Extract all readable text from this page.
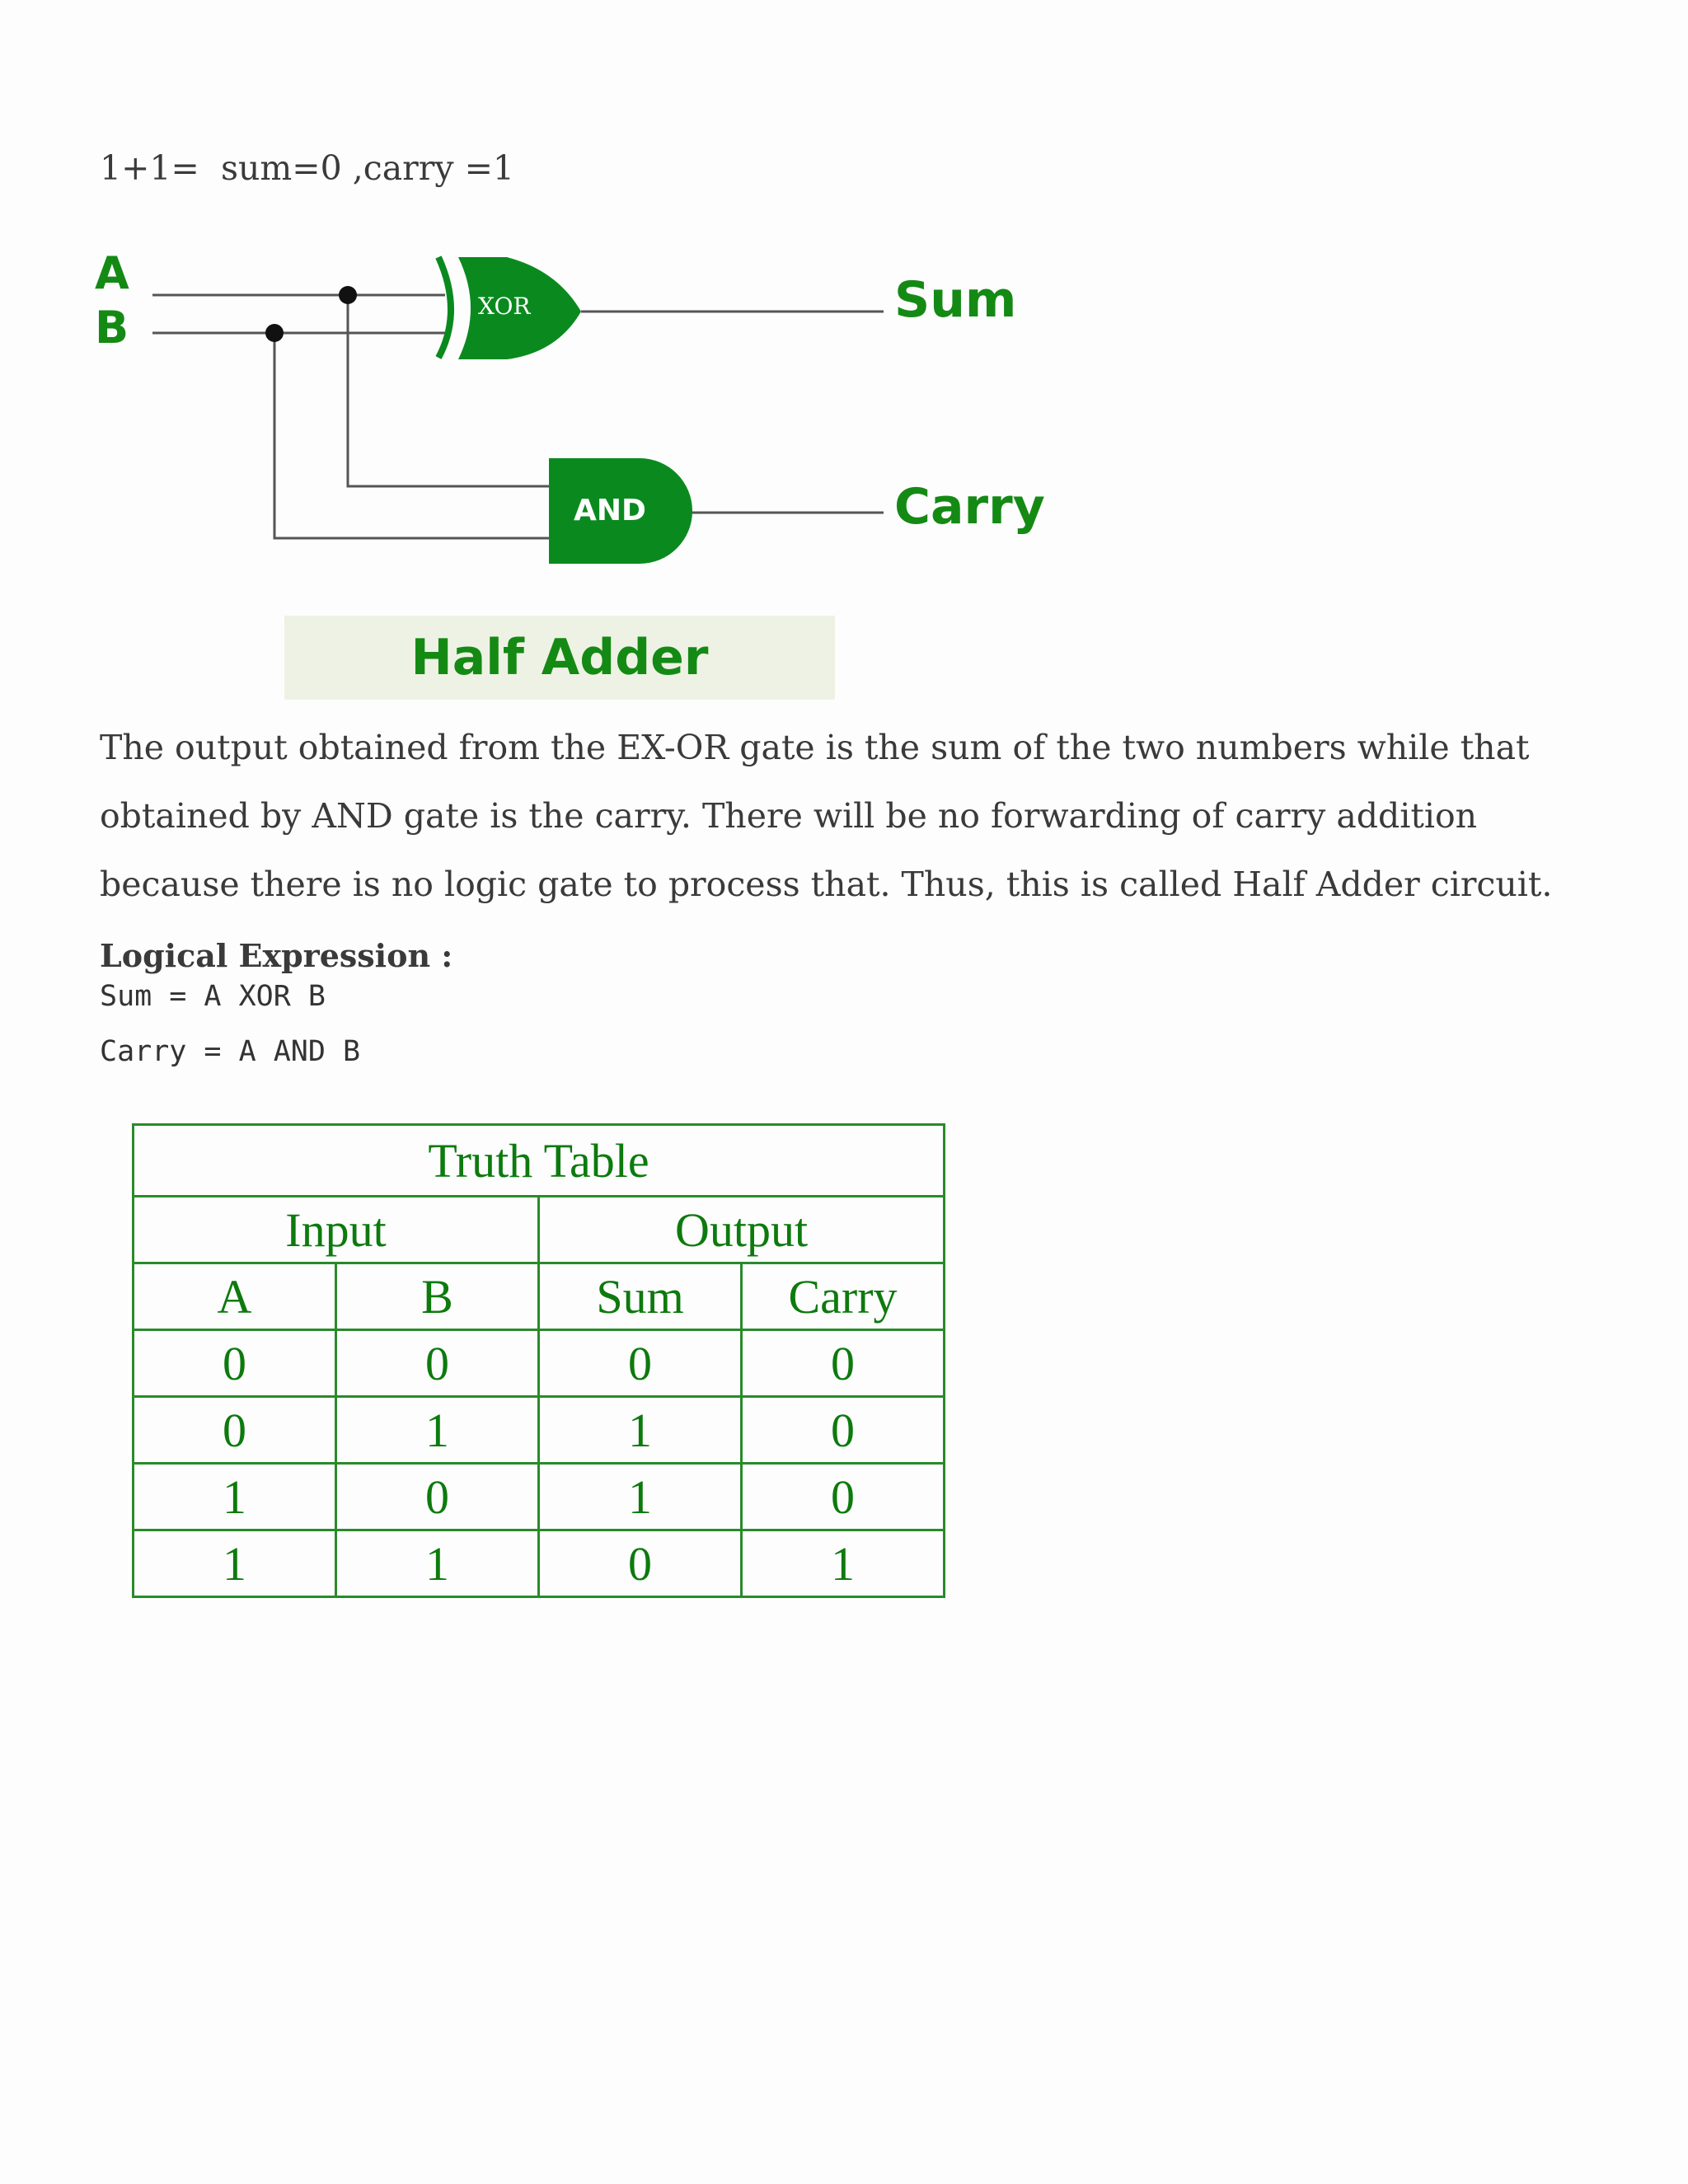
1+1=  sum=0 ,carry =1
A
B	XOR
AND
Sum
Carry
Half Adder
The output obtained from the EX-OR gate is the sum of the two numbers while that obtained by AND gate is the carry. There will be no forwarding of carry addition because there is no logic gate to process that. Thus, this is called Half Adder circuit.
Logical Expression :
Sum = A XOR B
Carry = A AND B
Truth Table			
Input		Output	
A	B	Sum	Carry
0	0	0	0
0	1	1	0
1	0	1	0
1	1	0	1
